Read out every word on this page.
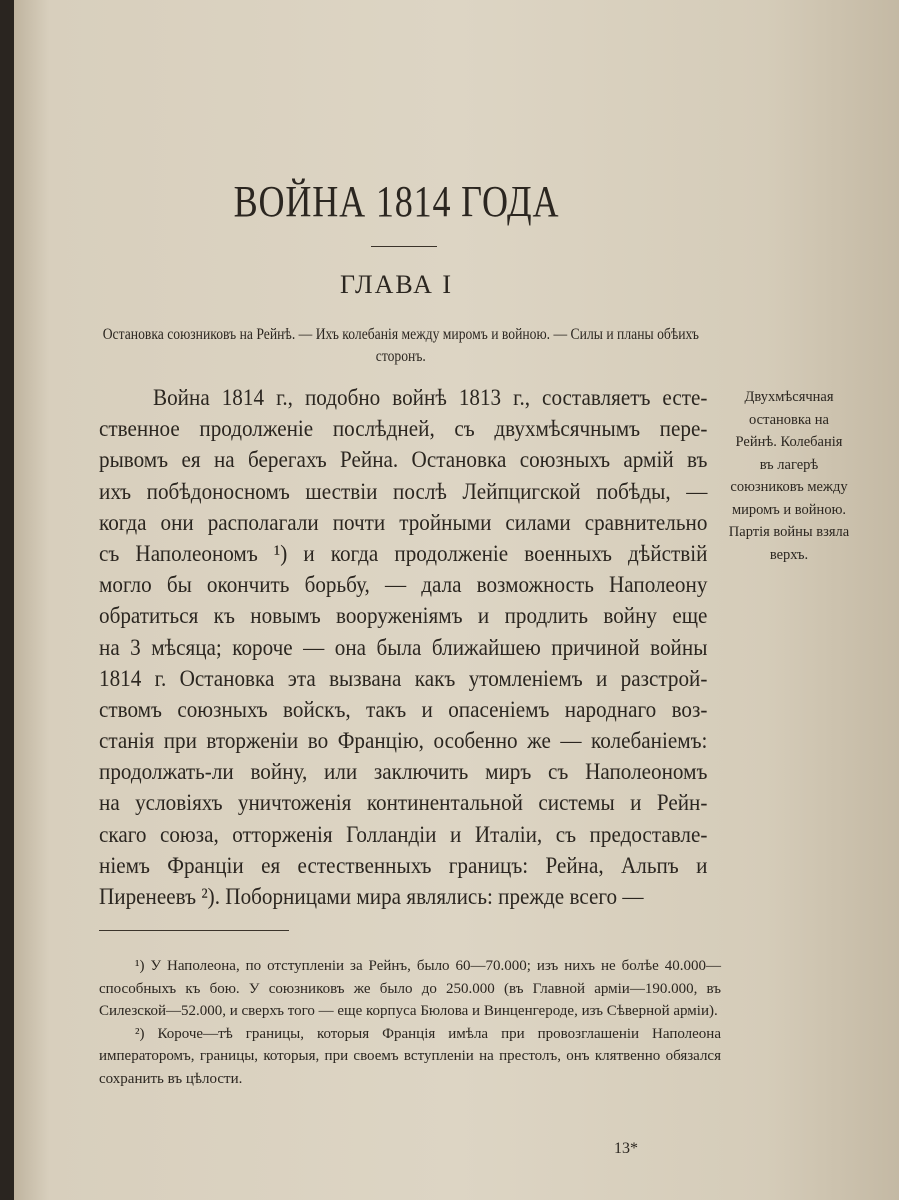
ВОЙНА 1814 ГОДА
ГЛАВА I
Остановка союзниковъ на Рейнѣ. — Ихъ колебанія между миромъ и войною. — Силы и планы обѣихъ сторонъ.
Война 1814 г., подобно войнѣ 1813 г., составляетъ есте-
ственное продолженіе послѣдней, съ двухмѣсячнымъ пере-
рывомъ ея на берегахъ Рейна. Остановка союзныхъ армій въ
ихъ побѣдоносномъ шествіи послѣ Лейпцигской побѣды, —
когда они располагали почти тройными силами сравнительно
съ Наполеономъ ¹) и когда продолженіе военныхъ дѣйствій
могло бы окончить борьбу, — дала возможность Наполеону
обратиться къ новымъ вооруженіямъ и продлить войну еще
на 3 мѣсяца; короче — она была ближайшею причиной войны
1814 г. Остановка эта вызвана какъ утомленіемъ и разстрой-
ствомъ союзныхъ войскъ, такъ и опасеніемъ народнаго воз-
станія при вторженіи во Францію, особенно же — колебаніемъ:
продолжать-ли войну, или заключить миръ съ Наполеономъ
на условіяхъ уничтоженія континентальной системы и Рейн-
скаго союза, отторженія Голландіи и Италіи, съ предоставле-
ніемъ Франціи ея естественныхъ границъ: Рейна, Альпъ и
Пиренеевъ ²). Поборницами мира являлись: прежде всего —
Двухмѣсячная остановка на Рейнѣ. Колебанія въ лагерѣ союзниковъ между миромъ и войною. Партія войны взяла верхъ.

¹) У Наполеона, по отступленіи за Рейнъ, было 60—70.000; изъ нихъ не болѣе 40.000—способныхъ къ бою. У союзниковъ же было до 250.000 (въ Главной арміи—190.000, въ Силезской—52.000, и сверхъ того — еще корпуса Бюлова и Винценгероде, изъ Сѣверной арміи).

²) Короче—тѣ границы, которыя Франція имѣла при провозглашеніи Наполеона императоромъ, границы, которыя, при своемъ вступленіи на престолъ, онъ клятвенно обязался сохранить въ цѣлости.

13*
